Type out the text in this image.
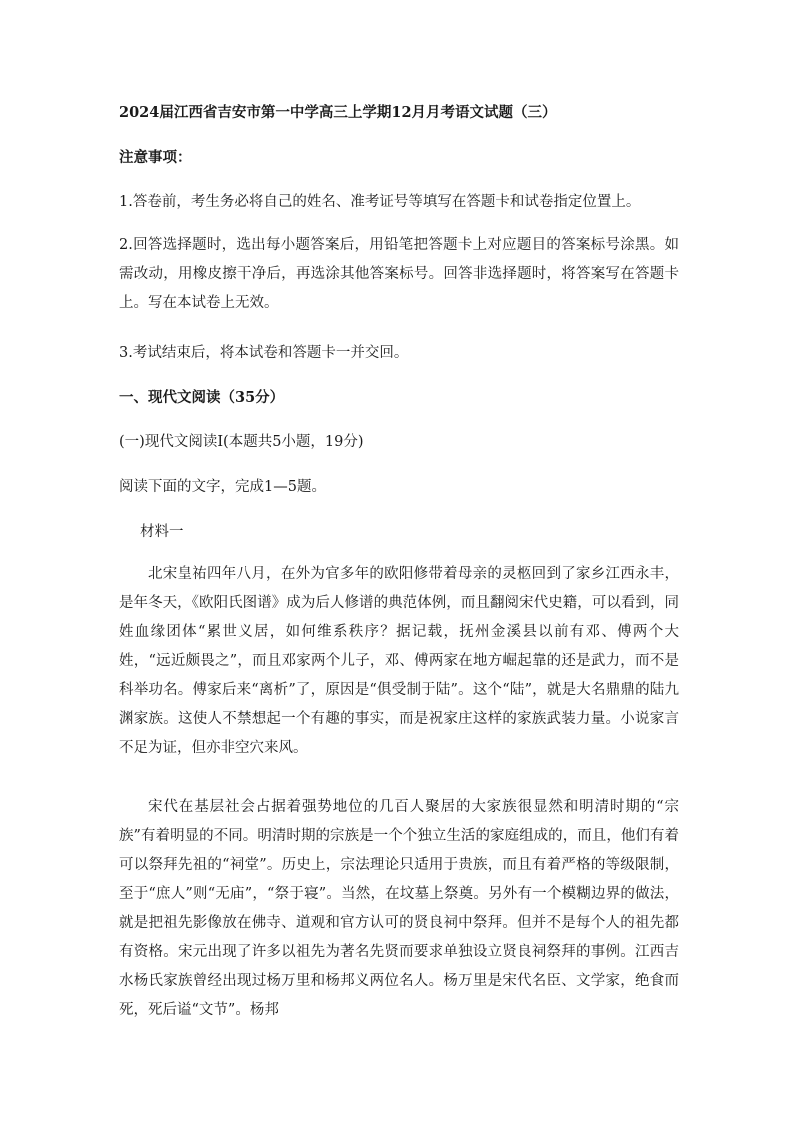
2024届江西省吉安市第一中学高三上学期12月月考语文试题（三）
注意事项：
1.答卷前，考生务必将自己的姓名、准考证号等填写在答题卡和试卷指定位置上。
2.回答选择题时，选出每小题答案后，用铅笔把答题卡上对应题目的答案标号涂黑。如需改动，用橡皮擦干净后，再选涂其他答案标号。回答非选择题时，将答案写在答题卡上。写在本试卷上无效。
3.考试结束后，将本试卷和答题卡一并交回。
一、现代文阅读（35分）
(一)现代文阅读Ⅰ(本题共5小题，19分)
阅读下面的文字，完成1—5题。
材料一
北宋皇祐四年八月，在外为官多年的欧阳修带着母亲的灵柩回到了家乡江西永丰，是年冬天，《欧阳氏图谱》成为后人修谱的典范体例，而且翻阅宋代史籍，可以看到，同姓血缘团体“累世义居，如何维系秩序？据记载，抚州金溪县以前有邓、傅两个大姓，“远近颇畏之”，而且邓家两个儿子，邓、傅两家在地方崛起靠的还是武力，而不是科举功名。傅家后来“离析”了，原因是“俱受制于陆”。这个“陆”，就是大名鼎鼎的陆九渊家族。这使人不禁想起一个有趣的事实，而是祝家庄这样的家族武装力量。小说家言不足为证，但亦非空穴来风。
宋代在基层社会占据着强势地位的几百人聚居的大家族很显然和明清时期的“宗族”有着明显的不同。明清时期的宗族是一个个独立生活的家庭组成的，而且，他们有着可以祭拜先祖的“祠堂”。历史上，宗法理论只适用于贵族，而且有着严格的等级限制，至于“庶人”则“无庙”，“祭于寝”。当然，在坟墓上祭奠。另外有一个模糊边界的做法，就是把祖先影像放在佛寺、道观和官方认可的贤良祠中祭拜。但并不是每个人的祖先都有资格。宋元出现了许多以祖先为著名先贤而要求单独设立贤良祠祭拜的事例。江西吉水杨氏家族曾经出现过杨万里和杨邦义两位名人。杨万里是宋代名臣、文学家，绝食而死，死后谥“文节”。杨邦
